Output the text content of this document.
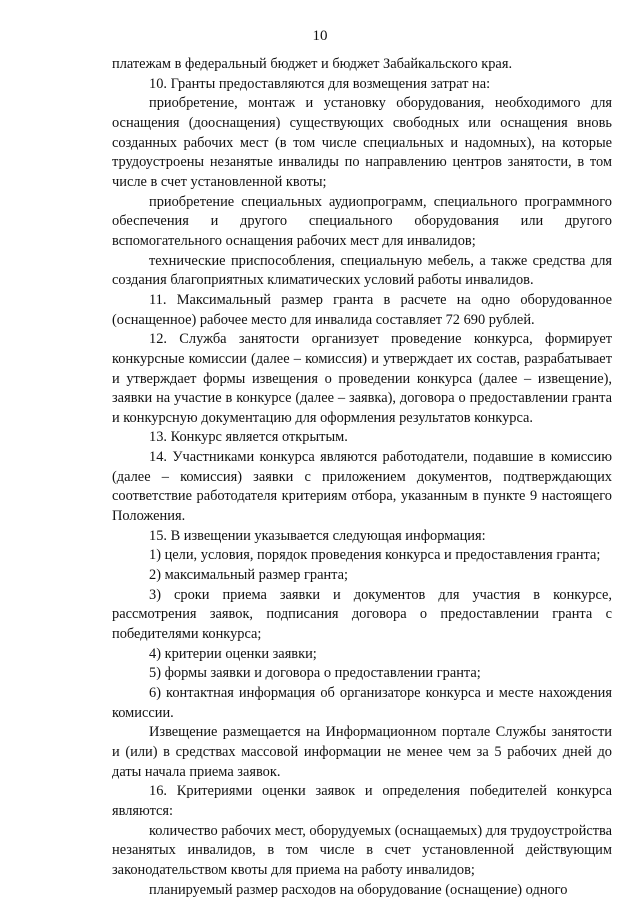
10

платежам в федеральный бюджет и бюджет Забайкальского края.

10. Гранты предоставляются для возмещения затрат на:

приобретение, монтаж и установку оборудования, необходимого для оснащения (дооснащения) существующих свободных или оснащения вновь созданных рабочих мест (в том числе специальных и надомных), на которые трудоустроены незанятые инвалиды по направлению центров занятости, в том числе в счет установленной квоты;

приобретение специальных аудиопрограмм, специального программного обеспечения и другого специального оборудования или другого вспомогательного оснащения рабочих мест для инвалидов;

технические приспособления, специальную мебель, а также средства для создания благоприятных климатических условий работы инвалидов.

11. Максимальный размер гранта в расчете на одно оборудованное (оснащенное) рабочее место для инвалида составляет 72 690 рублей.

12. Служба занятости организует проведение конкурса, формирует конкурсные комиссии (далее – комиссия) и утверждает их состав, разрабатывает и утверждает формы извещения о проведении конкурса (далее – извещение), заявки на участие в конкурсе (далее – заявка), договора о предоставлении гранта и конкурсную документацию для оформления результатов конкурса.

13. Конкурс является открытым.

14. Участниками конкурса являются работодатели, подавшие в комиссию (далее – комиссия) заявки с приложением документов, подтверждающих соответствие работодателя критериям отбора, указанным в пункте 9 настоящего Положения.

15. В извещении указывается следующая информация:

1) цели, условия, порядок проведения конкурса и предоставления гранта;

2) максимальный размер гранта;

3) сроки приема заявки и документов для участия в конкурсе, рассмотрения заявок, подписания договора о предоставлении гранта с победителями конкурса;

4) критерии оценки заявки;

5) формы заявки и договора о предоставлении гранта;

6) контактная информация об организаторе конкурса и месте нахождения комиссии.

Извещение размещается на Информационном портале Службы занятости и (или) в средствах массовой информации не менее чем за 5 рабочих дней до даты начала приема заявок.

16. Критериями оценки заявок и определения победителей конкурса являются:

количество рабочих мест, оборудуемых (оснащаемых) для трудоустройства незанятых инвалидов, в том числе в счет установленной действующим законодательством квоты для приема на работу инвалидов;

планируемый размер расходов на оборудование (оснащение) одного
